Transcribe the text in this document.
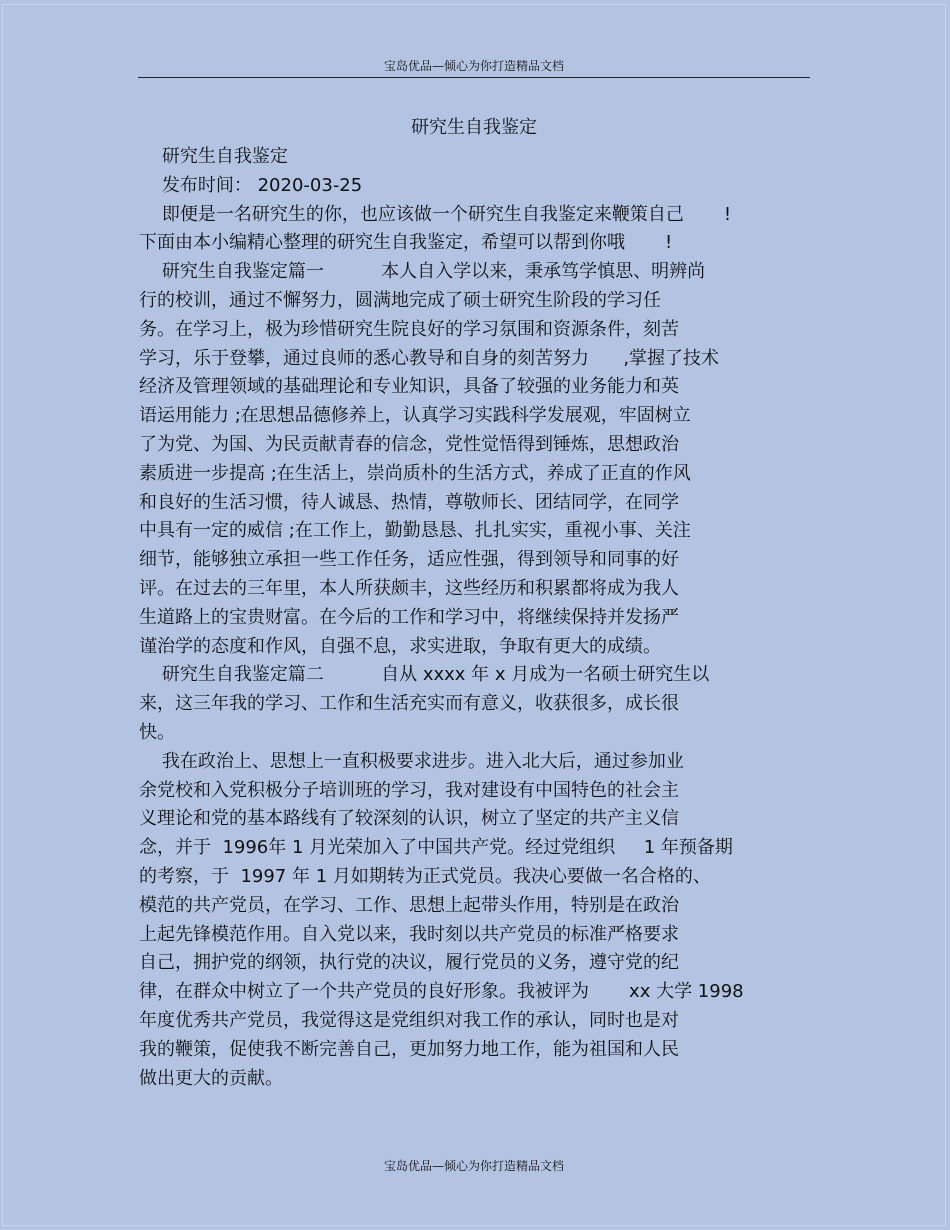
宝岛优品—倾心为你打造精品文档
研究生自我鉴定

研究生自我鉴定

发布时间： 2020-03-25

即便是一名研究生的你，也应该做一个研究生自我鉴定来鞭策自己       !

下面由本小编精心整理的研究生自我鉴定，希望可以帮到你哦       !

研究生自我鉴定篇一          本人自入学以来，秉承笃学慎思、明辨尚

行的校训，通过不懈努力，圆满地完成了硕士研究生阶段的学习任

务。在学习上，极为珍惜研究生院良好的学习氛围和资源条件，刻苦

学习，乐于登攀，通过良师的悉心教导和自身的刻苦努力      ,掌握了技术

经济及管理领域的基础理论和专业知识，具备了较强的业务能力和英

语运用能力 ;在思想品德修养上，认真学习实践科学发展观，牢固树立

了为党、为国、为民贡献青春的信念，党性觉悟得到锤炼，思想政治

素质进一步提高 ;在生活上，崇尚质朴的生活方式，养成了正直的作风

和良好的生活习惯，待人诚恳、热情，尊敬师长、团结同学，在同学

中具有一定的威信 ;在工作上，勤勤恳恳、扎扎实实，重视小事、关注

细节，能够独立承担一些工作任务，适应性强，得到领导和同事的好

评。在过去的三年里，本人所获颇丰，这些经历和积累都将成为我人

生道路上的宝贵财富。在今后的工作和学习中，将继续保持并发扬严

谨治学的态度和作风，自强不息，求实进取，争取有更大的成绩。

研究生自我鉴定篇二          自从 xxxx 年 x 月成为一名硕士研究生以

来，这三年我的学习、工作和生活充实而有意义，收获很多，成长很

快。

我在政治上、思想上一直积极要求进步。进入北大后，通过参加业

余党校和入党积极分子培训班的学习，我对建设有中国特色的社会主

义理论和党的基本路线有了较深刻的认识，树立了坚定的共产主义信

念，并于  1996年 1 月光荣加入了中国共产党。经过党组织     1 年预备期

的考察，于  1997 年 1 月如期转为正式党员。我决心要做一名合格的、

模范的共产党员，在学习、工作、思想上起带头作用，特别是在政治

上起先锋模范作用。自入党以来，我时刻以共产党员的标准严格要求

自己，拥护党的纲领，执行党的决议，履行党员的义务，遵守党的纪

律，在群众中树立了一个共产党员的良好形象。我被评为       xx 大学 1998

年度优秀共产党员，我觉得这是党组织对我工作的承认，同时也是对

我的鞭策，促使我不断完善自己，更加努力地工作，能为祖国和人民

做出更大的贡献。

宝岛优品—倾心为你打造精品文档
